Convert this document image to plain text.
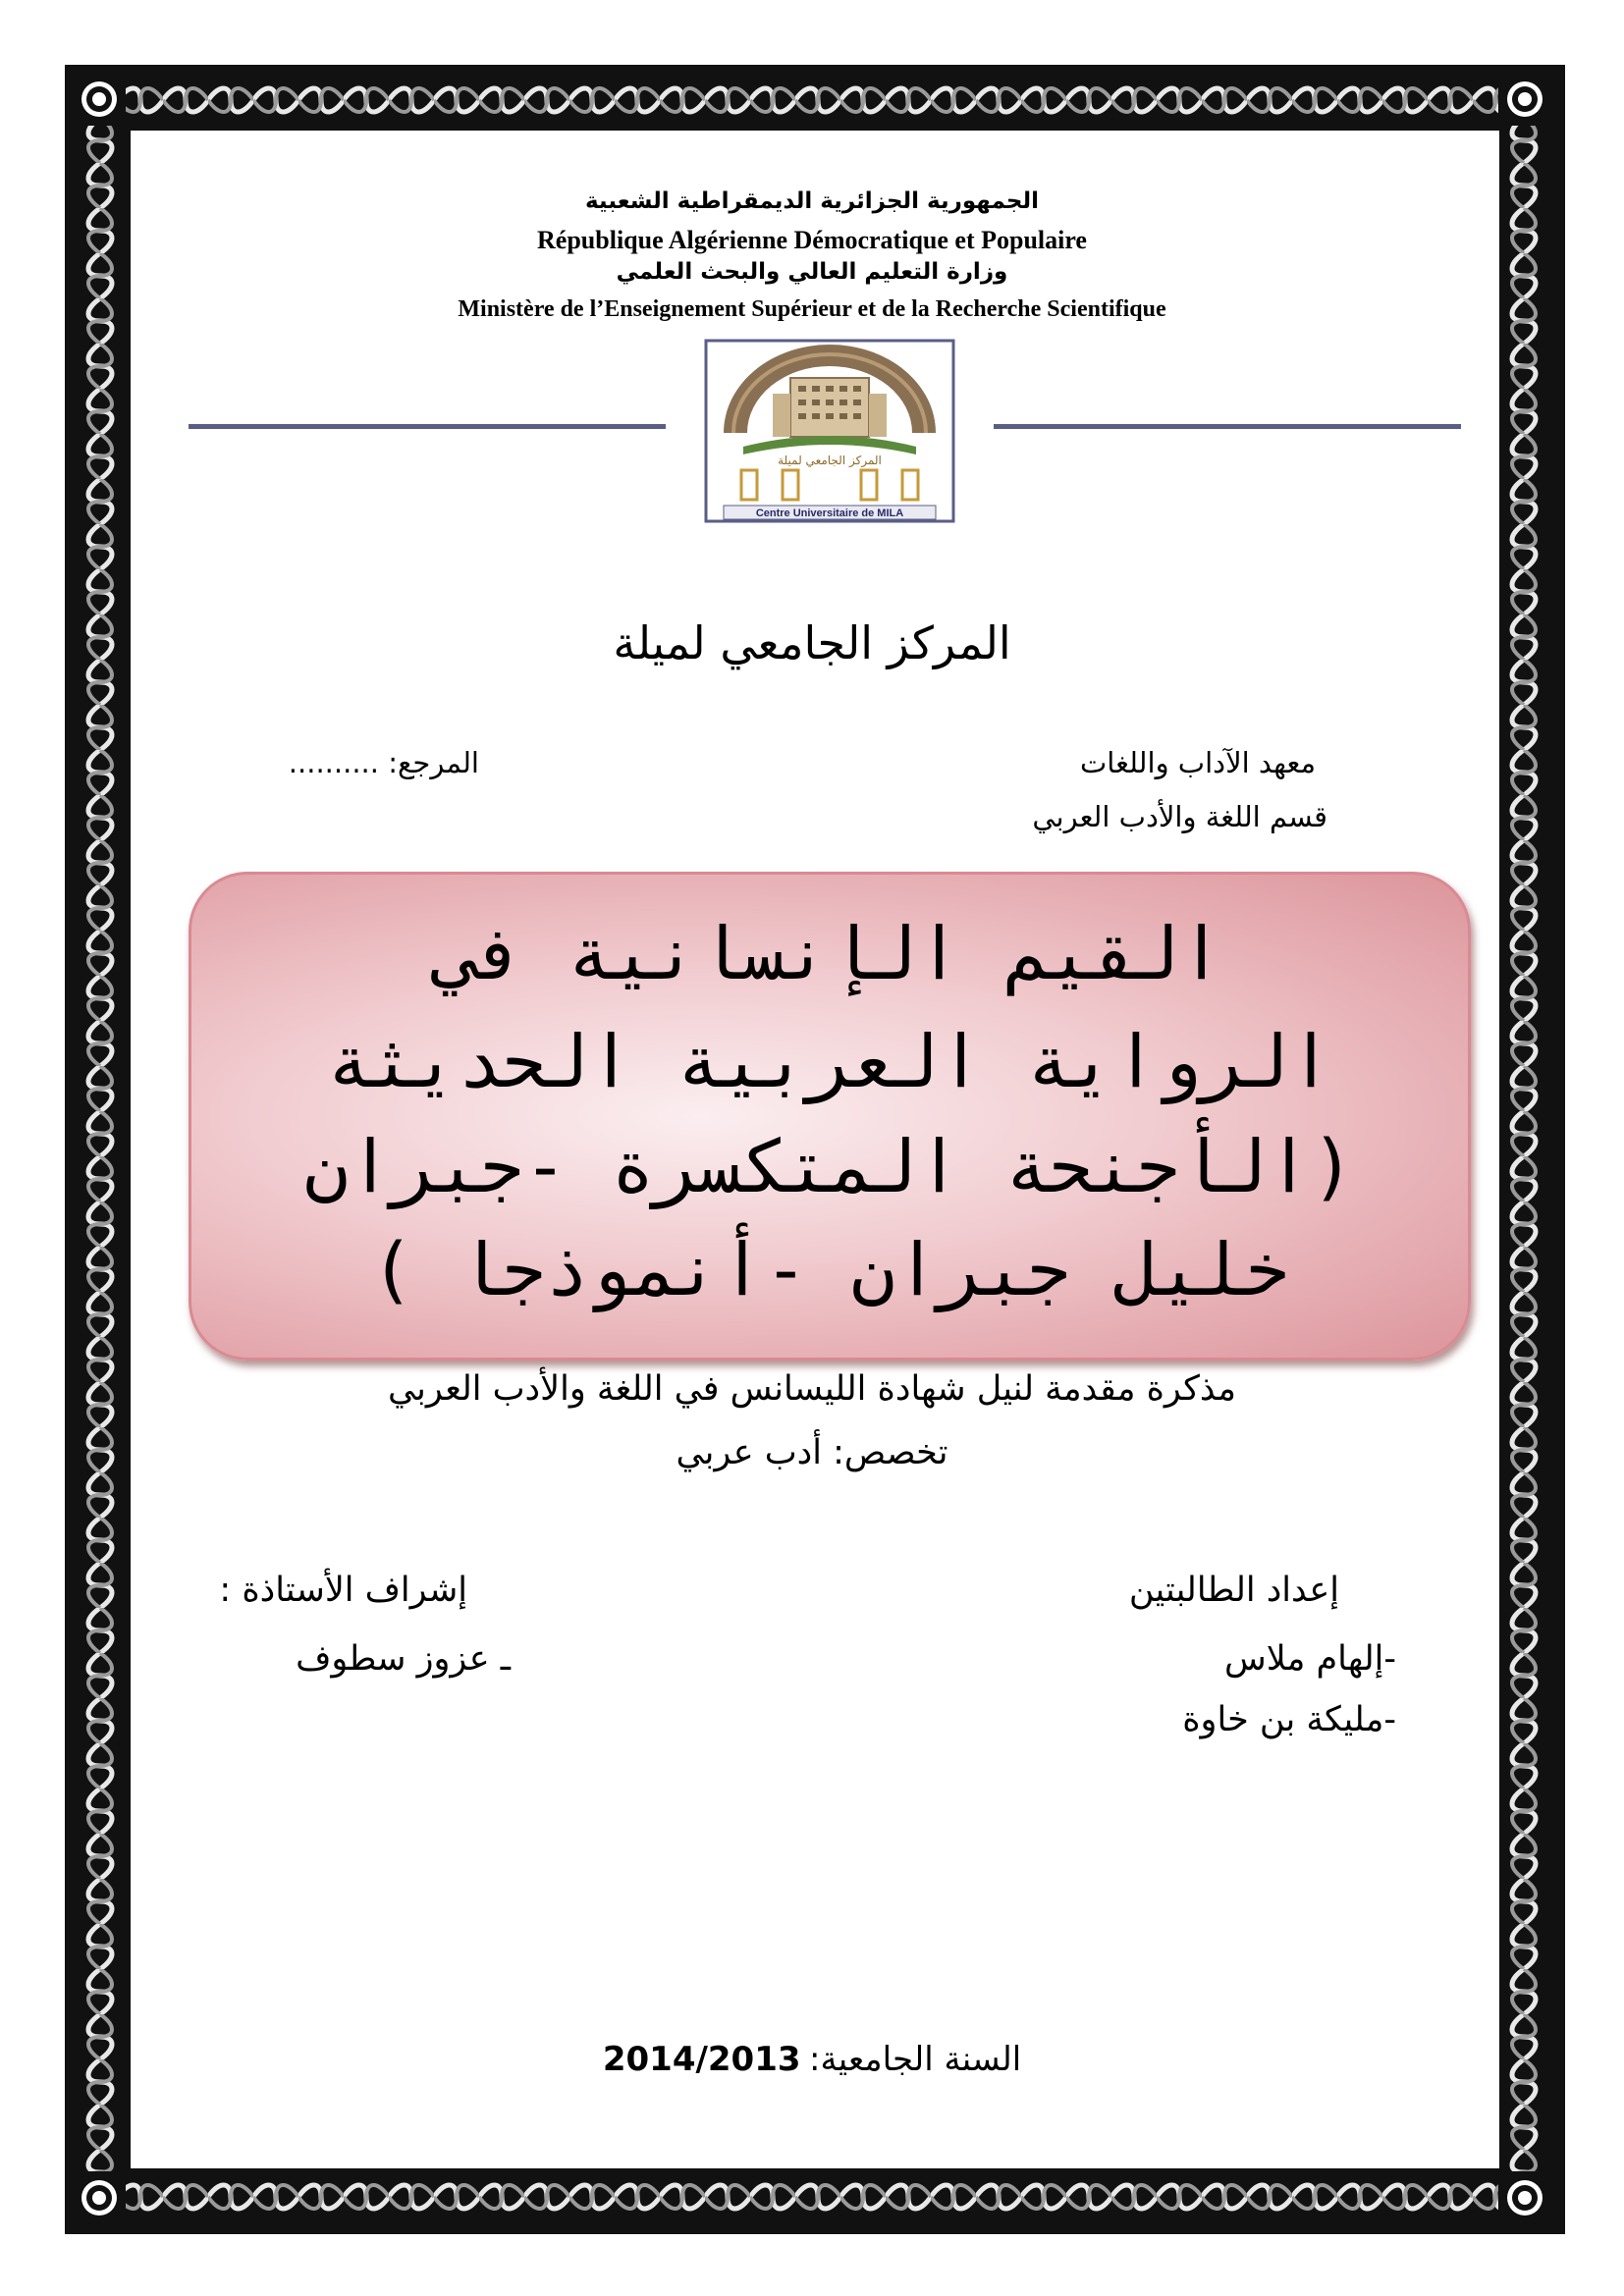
الجمهورية الجزائرية الديمقراطية الشعبية
République Algérienne Démocratique et Populaire
وزارة التعليم العالي والبحث العلمي
Ministère de l’Enseignement Supérieur et de la Recherche Scientifique
المركز الجامعي لميلة
Centre Universitaire de MILA
المركز الجامعي لميلة
معهد الآداب واللغات
قسم اللغة والأدب العربي
المرجع: ..........
القيم الإنسانية في
الرواية العربية الحديثة
(الأجنحة المتكسرة -جبران
خليل جبران -أنموذجا )
مذكرة مقدمة لنيل شهادة الليسانس في اللغة والأدب العربي
تخصص: أدب عربي
إعداد الطالبتين
-إلهام ملاس
-مليكة بن خاوة
إشراف الأستاذة :
ـ عزوز سطوف
السنة الجامعية: 2014/2013
